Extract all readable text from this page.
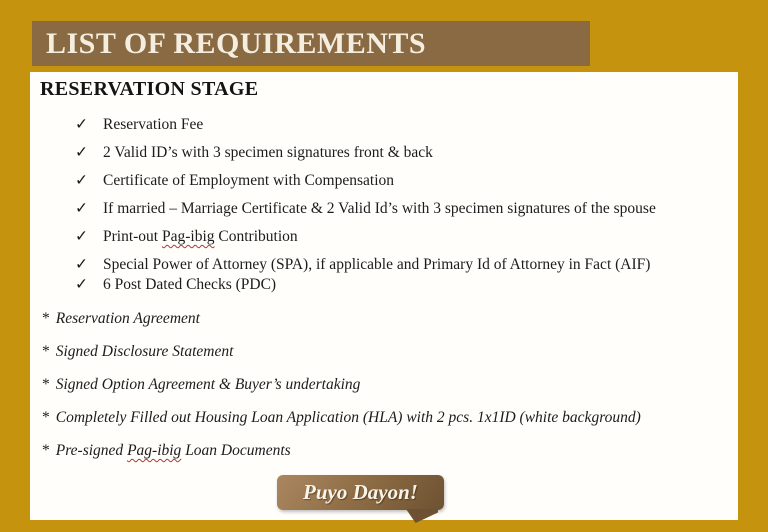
LIST OF REQUIREMENTS
RESERVATION STAGE
✓ Reservation Fee
✓ 2 Valid ID’s with 3 specimen signatures front & back
✓ Certificate of Employment with Compensation
✓ If married – Marriage Certificate & 2 Valid Id’s with 3 specimen signatures of the spouse
✓ Print-out Pag-ibig Contribution
✓ Special Power of Attorney (SPA), if applicable and Primary Id of Attorney in Fact (AIF)
✓ 6 Post Dated Checks (PDC)
* Reservation Agreement
* Signed Disclosure Statement
* Signed Option Agreement & Buyer’s undertaking
* Completely Filled out Housing Loan Application (HLA) with 2 pcs. 1x1ID (white background)
* Pre-signed Pag-ibig Loan Documents
Puyo Dayon!
